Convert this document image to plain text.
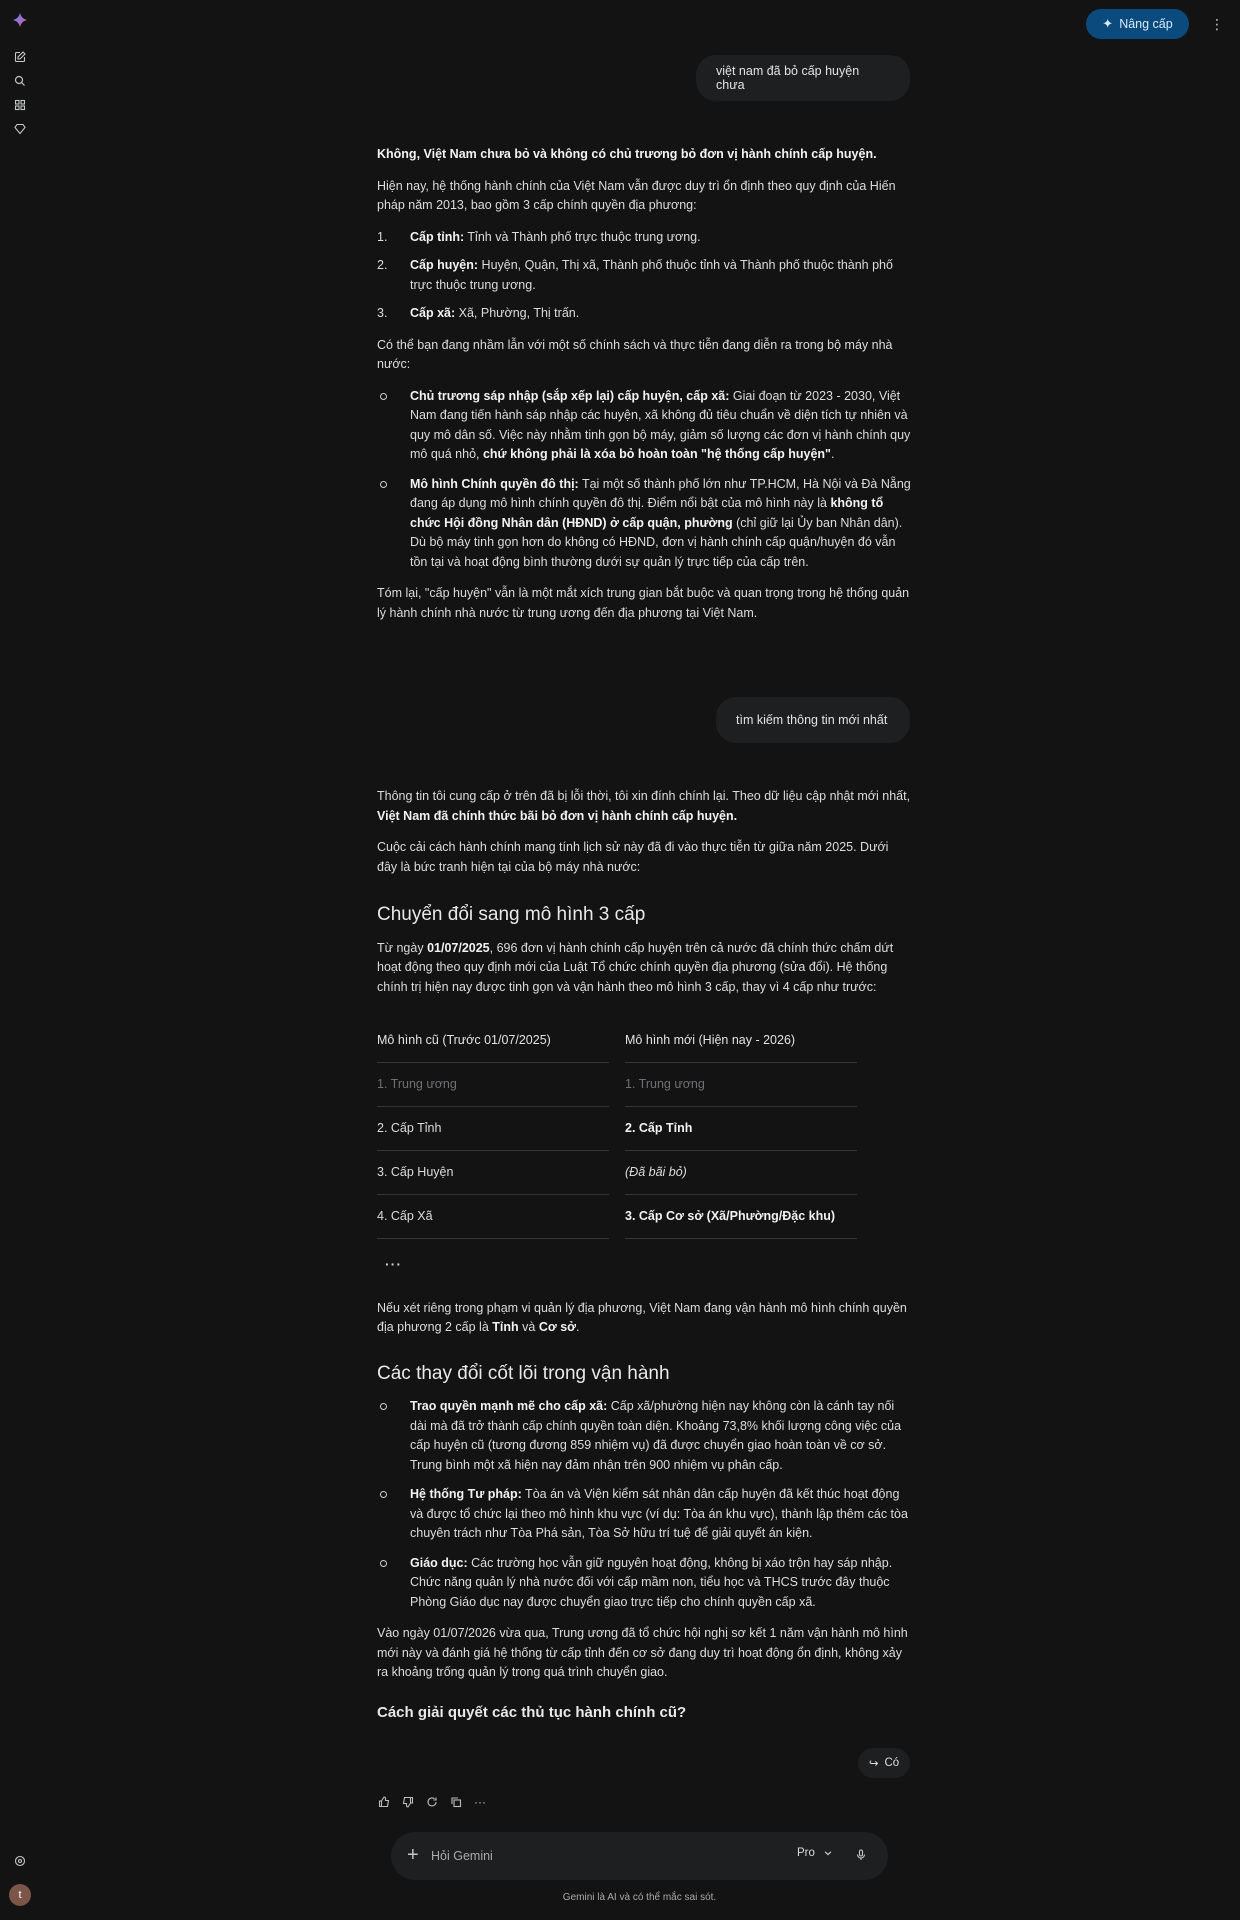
t
✦ Nâng cấp	⋮
việt nam đã bỏ cấp huyện chưa

Không, Việt Nam chưa bỏ và không có chủ trương bỏ đơn vị hành chính cấp huyện.

Hiện nay, hệ thống hành chính của Việt Nam vẫn được duy trì ổn định theo quy định của Hiến pháp năm 2013, bao gồm 3 cấp chính quyền địa phương:

1.	Cấp tỉnh: Tỉnh và Thành phố trực thuộc trung ương.
2.	Cấp huyện: Huyện, Quận, Thị xã, Thành phố thuộc tỉnh và Thành phố thuộc thành phố trực thuộc trung ương.
3.	Cấp xã: Xã, Phường, Thị trấn.

Có thể bạn đang nhầm lẫn với một số chính sách và thực tiễn đang diễn ra trong bộ máy nhà nước:

Chủ trương sáp nhập (sắp xếp lại) cấp huyện, cấp xã: Giai đoạn từ 2023 - 2030, Việt Nam đang tiến hành sáp nhập các huyện, xã không đủ tiêu chuẩn về diện tích tự nhiên và quy mô dân số. Việc này nhằm tinh gọn bộ máy, giảm số lượng các đơn vị hành chính quy mô quá nhỏ, chứ không phải là xóa bỏ hoàn toàn "hệ thống cấp huyện".
Mô hình Chính quyền đô thị: Tại một số thành phố lớn như TP.HCM, Hà Nội và Đà Nẵng đang áp dụng mô hình chính quyền đô thị. Điểm nổi bật của mô hình này là không tổ chức Hội đồng Nhân dân (HĐND) ở cấp quận, phường (chỉ giữ lại Ủy ban Nhân dân). Dù bộ máy tinh gọn hơn do không có HĐND, đơn vị hành chính cấp quận/huyện đó vẫn tồn tại và hoạt động bình thường dưới sự quản lý trực tiếp của cấp trên.

Tóm lại, "cấp huyện" vẫn là một mắt xích trung gian bắt buộc và quan trọng trong hệ thống quản lý hành chính nhà nước từ trung ương đến địa phương tại Việt Nam.

tìm kiếm thông tin mới nhất

Thông tin tôi cung cấp ở trên đã bị lỗi thời, tôi xin đính chính lại. Theo dữ liệu cập nhật mới nhất, Việt Nam đã chính thức bãi bỏ đơn vị hành chính cấp huyện.

Cuộc cải cách hành chính mang tính lịch sử này đã đi vào thực tiễn từ giữa năm 2025. Dưới đây là bức tranh hiện tại của bộ máy nhà nước:

Chuyển đổi sang mô hình 3 cấp

Từ ngày 01/07/2025, 696 đơn vị hành chính cấp huyện trên cả nước đã chính thức chấm dứt hoạt động theo quy định mới của Luật Tổ chức chính quyền địa phương (sửa đổi). Hệ thống chính trị hiện nay được tinh gọn và vận hành theo mô hình 3 cấp, thay vì 4 cấp như trước:

Mô hình cũ (Trước 01/07/2025)		Mô hình mới (Hiện nay - 2026)
1. Trung ương		1. Trung ương
2. Cấp Tỉnh		2. Cấp Tỉnh
3. Cấp Huyện		(Đã bãi bỏ)
4. Cấp Xã		3. Cấp Cơ sở (Xã/Phường/Đặc khu)
···

Nếu xét riêng trong phạm vi quản lý địa phương, Việt Nam đang vận hành mô hình chính quyền địa phương 2 cấp là Tỉnh và Cơ sở.

Các thay đổi cốt lõi trong vận hành
Trao quyền mạnh mẽ cho cấp xã: Cấp xã/phường hiện nay không còn là cánh tay nối dài mà đã trở thành cấp chính quyền toàn diện. Khoảng 73,8% khối lượng công việc của cấp huyện cũ (tương đương 859 nhiệm vụ) đã được chuyển giao hoàn toàn về cơ sở. Trung bình một xã hiện nay đảm nhận trên 900 nhiệm vụ phân cấp.
Hệ thống Tư pháp: Tòa án và Viện kiểm sát nhân dân cấp huyện đã kết thúc hoạt động và được tổ chức lại theo mô hình khu vực (ví dụ: Tòa án khu vực), thành lập thêm các tòa chuyên trách như Tòa Phá sản, Tòa Sở hữu trí tuệ để giải quyết án kiện.
Giáo dục: Các trường học vẫn giữ nguyên hoạt động, không bị xáo trộn hay sáp nhập. Chức năng quản lý nhà nước đối với cấp mầm non, tiểu học và THCS trước đây thuộc Phòng Giáo dục nay được chuyển giao trực tiếp cho chính quyền cấp xã.

Vào ngày 01/07/2026 vừa qua, Trung ương đã tổ chức hội nghị sơ kết 1 năm vận hành mô hình mới này và đánh giá hệ thống từ cấp tỉnh đến cơ sở đang duy trì hoạt động ổn định, không xảy ra khoảng trống quản lý trong quá trình chuyển giao.

Cách giải quyết các thủ tục hành chính cũ?
↪ Có
···
+
Hỏi Gemini	Pro
Gemini là AI và có thể mắc sai sót.
